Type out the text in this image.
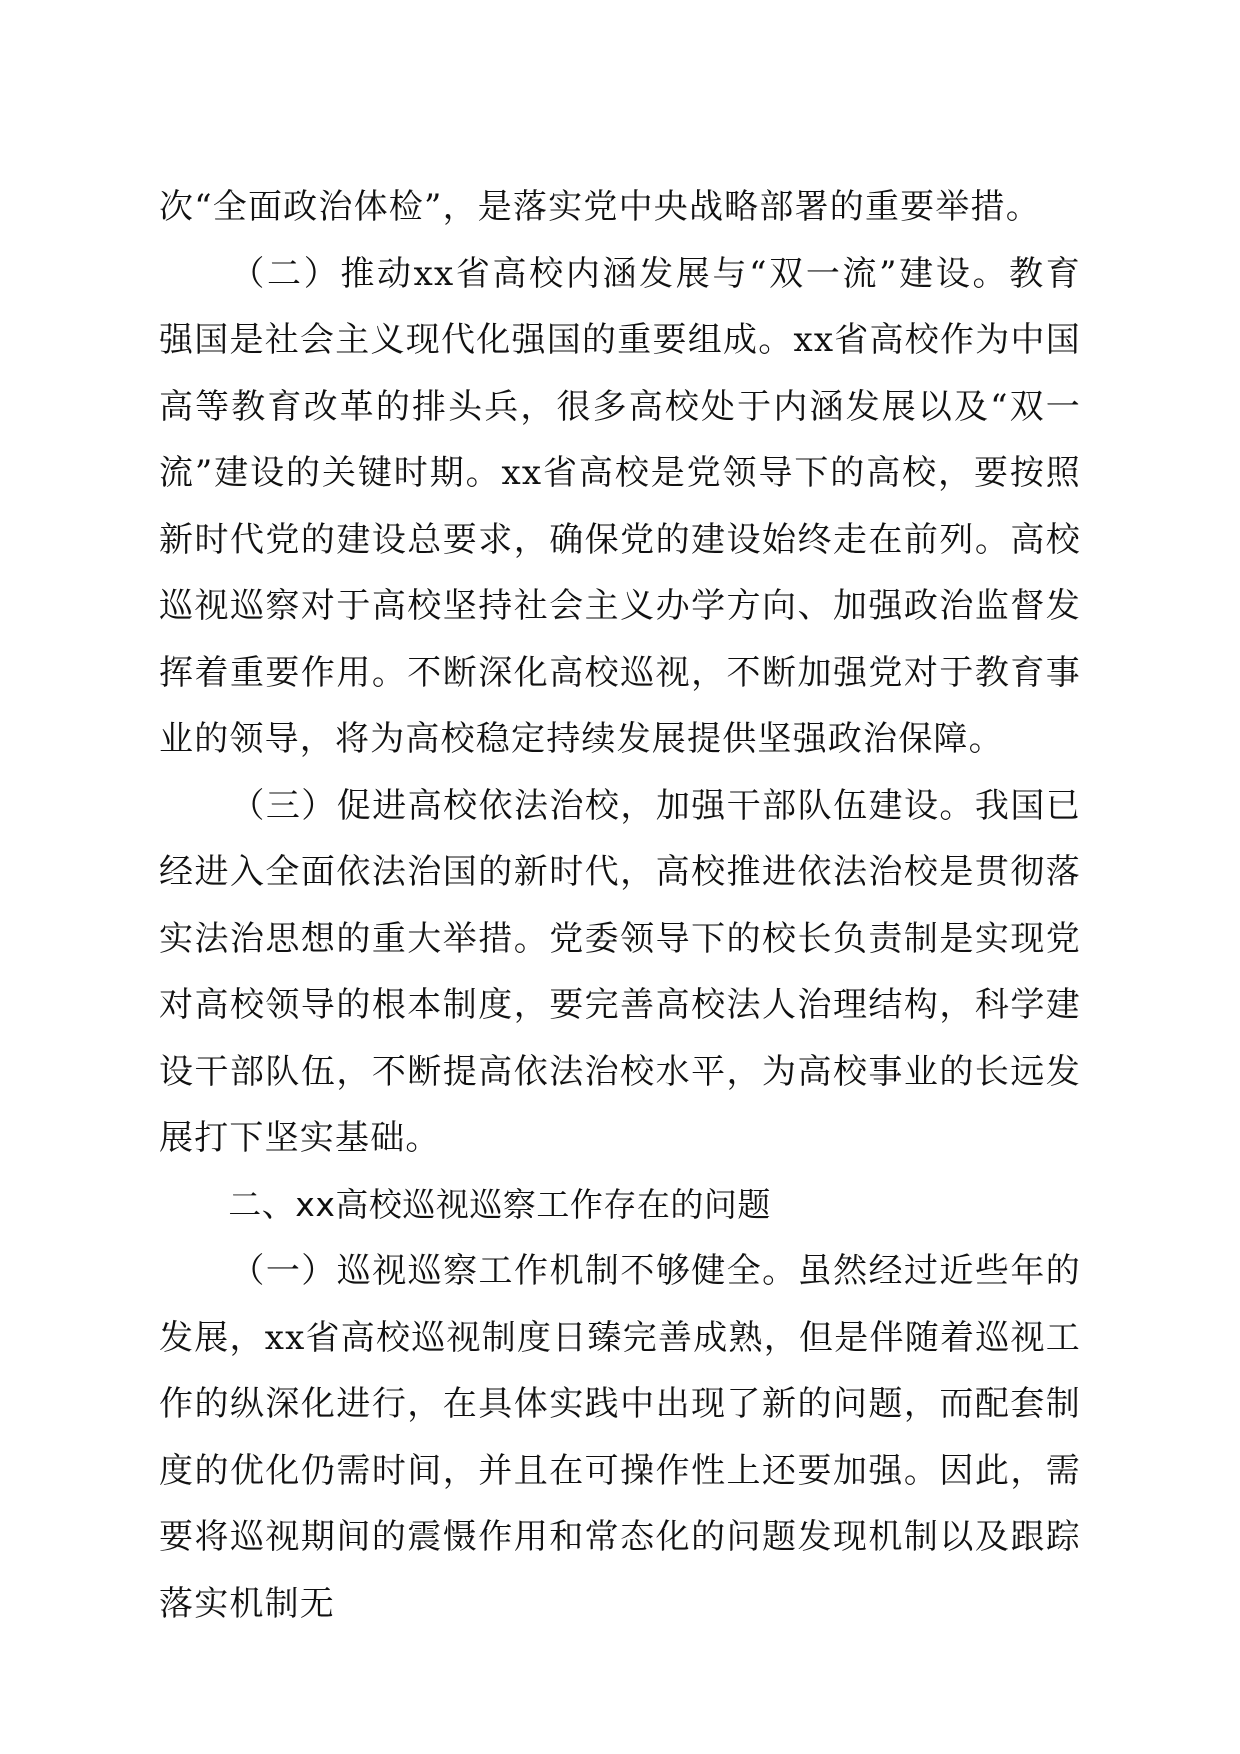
次“全面政治体检”，是落实党中央战略部署的重要举措。

（二）推动xx省高校内涵发展与“双一流”建设。教育强国是社会主义现代化强国的重要组成。xx省高校作为中国高等教育改革的排头兵，很多高校处于内涵发展以及“双一流”建设的关键时期。xx省高校是党领导下的高校，要按照新时代党的建设总要求，确保党的建设始终走在前列。高校巡视巡察对于高校坚持社会主义办学方向、加强政治监督发挥着重要作用。不断深化高校巡视，不断加强党对于教育事业的领导，将为高校稳定持续发展提供坚强政治保障。

（三）促进高校依法治校，加强干部队伍建设。我国已经进入全面依法治国的新时代，高校推进依法治校是贯彻落实法治思想的重大举措。党委领导下的校长负责制是实现党对高校领导的根本制度，要完善高校法人治理结构，科学建设干部队伍，不断提高依法治校水平，为高校事业的长远发展打下坚实基础。

二、xx高校巡视巡察工作存在的问题

（一）巡视巡察工作机制不够健全。虽然经过近些年的发展，xx省高校巡视制度日臻完善成熟，但是伴随着巡视工作的纵深化进行，在具体实践中出现了新的问题，而配套制度的优化仍需时间，并且在可操作性上还要加强。因此，需要将巡视期间的震慑作用和常态化的问题发现机制以及跟踪落实机制无
